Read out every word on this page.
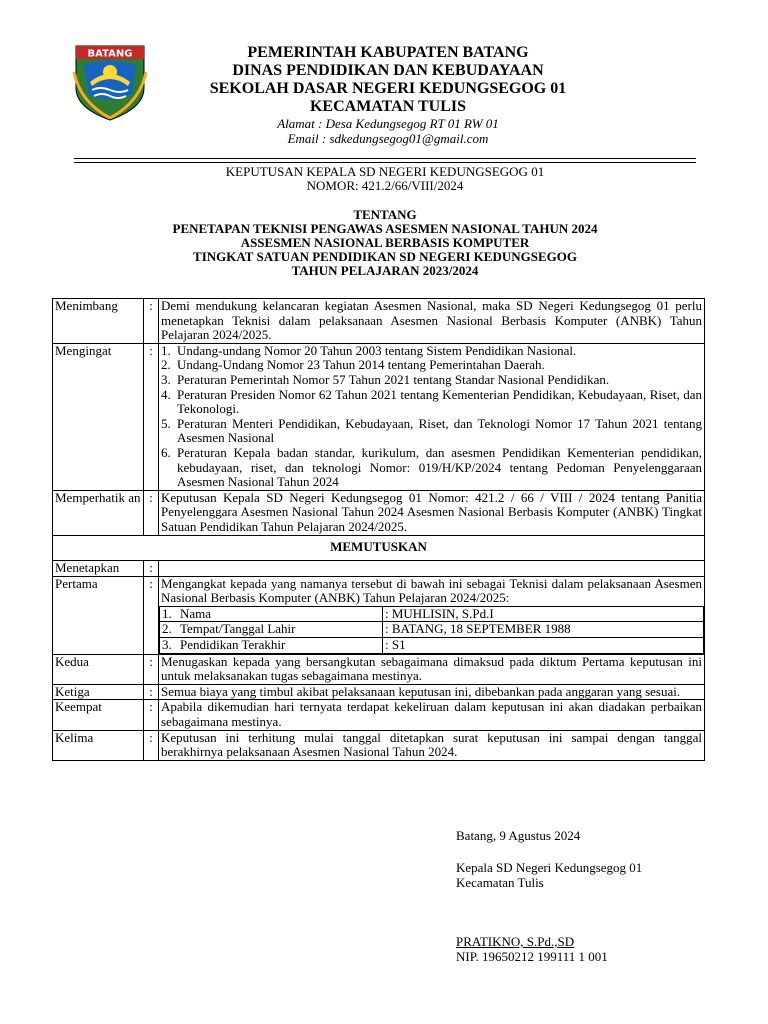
BATANG	PEMERINTAH KABUPATEN BATANG
DINAS PENDIDIKAN DAN KEBUDAYAAN
SEKOLAH DASAR NEGERI KEDUNGSEGOG 01
KECAMATAN TULIS
Alamat : Desa Kedungsegog RT 01 RW 01
Email : sdkedungsegog01@gmail.com
KEPUTUSAN KEPALA SD NEGERI KEDUNGSEGOG 01
NOMOR: 421.2/66/VIII/2024
TENTANG
PENETAPAN TEKNISI PENGAWAS ASESMEN NASIONAL TAHUN 2024
ASSESMEN NASIONAL BERBASIS KOMPUTER
TINGKAT SATUAN PENDIDIKAN SD NEGERI KEDUNGSEGOG
TAHUN PELAJARAN 2023/2024
Menimbang	:	Demi mendukung kelancaran kegiatan Asesmen Nasional, maka SD Negeri Kedungsegog 01 perlu menetapkan Teknisi dalam pelaksanaan Asesmen Nasional Berbasis Komputer (ANBK) Tahun Pelajaran 2024/2025.
Mengingat	:	1. Undang-undang Nomor 20 Tahun 2003 tentang Sistem Pendidikan Nasional.
2. Undang-Undang Nomor 23 Tahun 2014 tentang Pemerintahan Daerah.
3. Peraturan Pemerintah Nomor 57 Tahun 2021 tentang Standar Nasional Pendidikan.
4. Peraturan Presiden Nomor 62 Tahun 2021 tentang Kementerian Pendidikan, Kebudayaan, Riset, dan Tekonologi.
5. Peraturan Menteri Pendidikan, Kebudayaan, Riset, dan Teknologi Nomor 17 Tahun 2021 tentang Asesmen Nasional
6. Peraturan Kepala badan standar, kurikulum, dan asesmen Pendidikan Kementerian pendidikan, kebudayaan, riset, dan teknologi Nomor: 019/H/KP/2024 tentang Pedoman Penyelenggaraan Asesmen Nasional Tahun 2024

Memperhatik an	:	Keputusan Kepala SD Negeri Kedungsegog 01 Nomor: 421.2 / 66 / VIII / 2024 tentang Panitia Penyelenggara Asesmen Nasional Tahun 2024 Asesmen Nasional Berbasis Komputer (ANBK) Tingkat Satuan Pendidikan Tahun Pelajaran 2024/2025.
MEMUTUSKAN
Menetapkan	:	
Pertama	:	Mengangkat kepada yang namanya tersebut di bawah ini sebagai Teknisi dalam pelaksanaan Asesmen Nasional Berbasis Komputer (ANBK) Tahun Pelajaran 2024/2025:
1.	Nama	: MUHLISIN, S.Pd.I
2.	Tempat/Tanggal Lahir	: BATANG, 18 SEPTEMBER 1988
3.	Pendidikan Terakhir	: S1

Kedua	:	Menugaskan kepada yang bersangkutan sebagaimana dimaksud pada diktum Pertama keputusan ini untuk melaksanakan tugas sebagaimana mestinya.
Ketiga	:	Semua biaya yang timbul akibat pelaksanaan keputusan ini, dibebankan pada anggaran yang sesuai.
Keempat	:	Apabila dikemudian hari ternyata terdapat kekeliruan dalam keputusan ini akan diadakan perbaikan sebagaimana mestinya.
Kelima	:	Keputusan ini terhitung mulai tanggal ditetapkan surat keputusan ini sampai dengan tanggal berakhirnya pelaksanaan Asesmen Nasional Tahun 2024.
Batang, 9 Agustus 2024
Kepala SD Negeri Kedungsegog 01
Kecamatan Tulis
PRATIKNO, S.Pd.,SD
NIP. 19650212 199111 1 001
